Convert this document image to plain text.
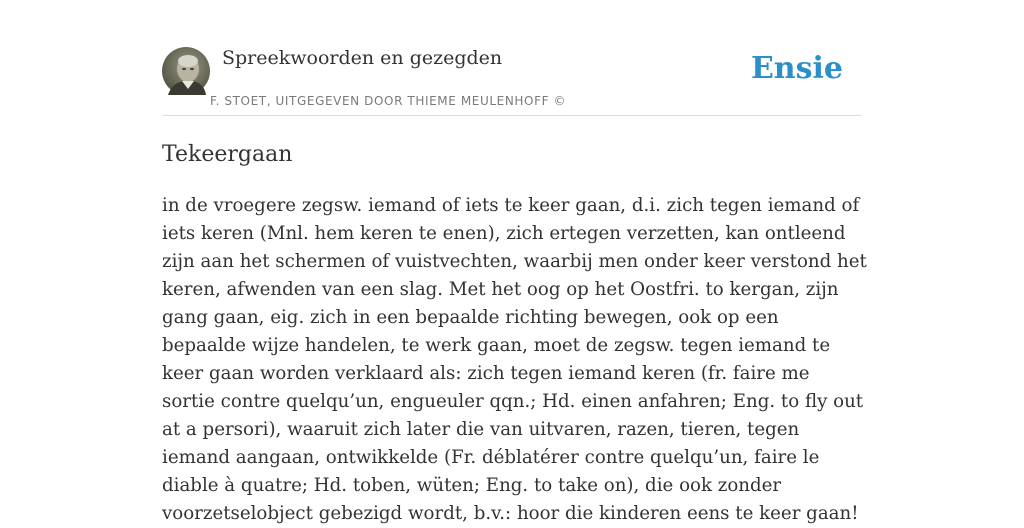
Spreekwoorden en gezegden
F. STOET, UITGEGEVEN DOOR THIEME MEULENHOFF ©
Ensie
Tekeergaan

in de vroegere zegsw. iemand of iets te keer gaan, d.i. zich tegen iemand of iets keren (Mnl. hem keren te enen), zich ertegen verzetten, kan ontleend zijn aan het schermen of vuistvechten, waarbij men onder keer verstond het keren, afwenden van een slag. Met het oog op het Oostfri. to kergan, zijn gang gaan, eig. zich in een bepaalde richting bewegen, ook op een bepaalde wijze handelen, te werk gaan, moet de zegsw. tegen iemand te keer gaan worden verklaard als: zich tegen iemand keren (fr. faire me sortie contre quelqu’un, engueuler qqn.; Hd. einen anfahren; Eng. to fly out at a persori), waaruit zich later die van uitvaren, razen, tieren, tegen iemand aangaan, ontwikkelde (Fr. déblatérer contre quelqu’un, faire le diable à quatre; Hd. toben, wüten; Eng. to take on), die ook zonder voorzetselobject gebezigd wordt, b.v.: hoor die kinderen eens te keer gaan!
